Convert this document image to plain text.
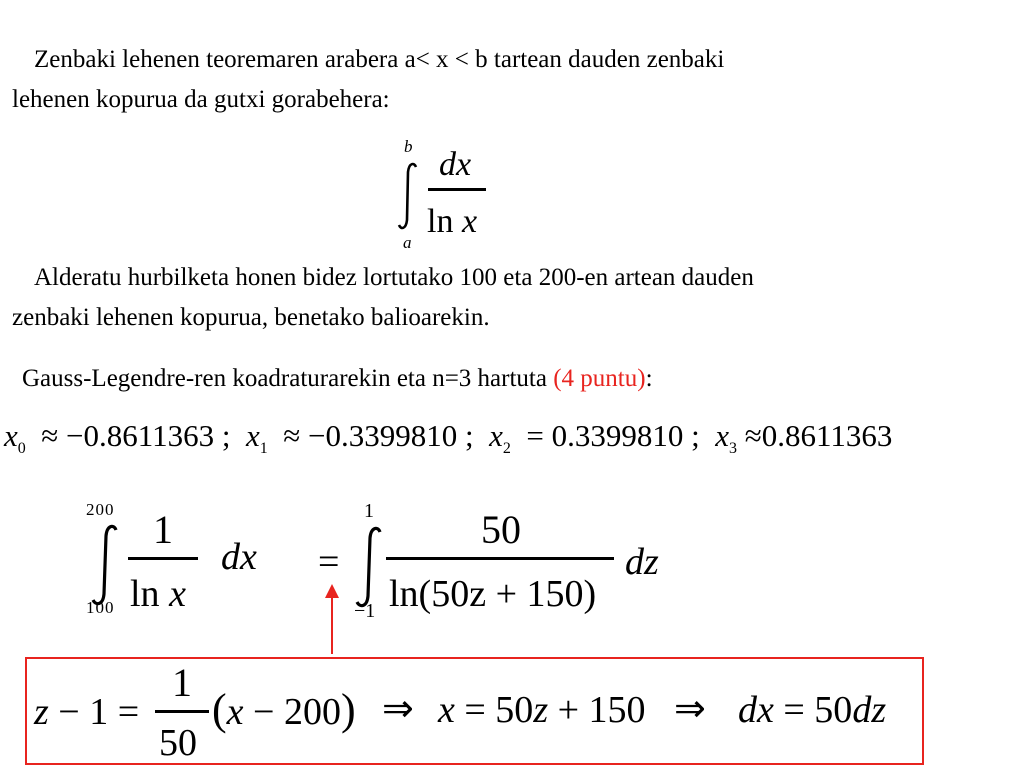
Zenbaki lehenen teoremaren arabera a< x < b tartean dauden zenbaki
lehenen kopurua da gutxi gorabehera:
b
a
dx
ln x
Alderatu hurbilketa honen bidez lortutako 100 eta 200-en artean dauden
zenbaki lehenen kopurua, benetako balioarekin.
Gauss-Legendre-ren koadraturarekin eta n=3 hartuta (4 puntu):
$x_0 \approx -0.8611363$ ; $x_1 \approx -0.3399810$ ; $x_2 = 0.3399810$ ; $x_3 \approx 0.8611363$
200
100
1
ln x
dx =
1
−1
50
ln(50z + 150)
dz
z − 1 =
1
50
(x − 200) ⇒ x = 50z + 150 ⇒ dx = 50dz
